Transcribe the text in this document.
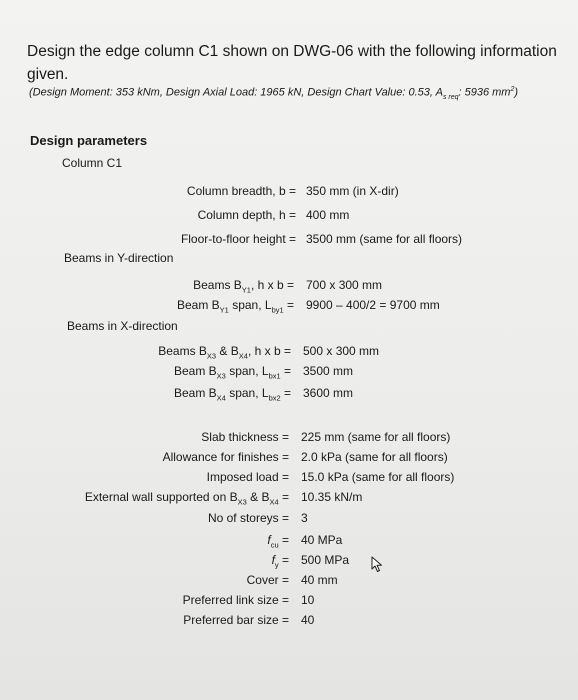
Design the edge column C1 shown on DWG-06 with the following information given.
(Design Moment: 353 kNm, Design Axial Load: 1965 kN, Design Chart Value: 0.53, $A_{s req}$: 5936 $mm^2$)
Design parameters
Column C1
Column breadth, b = 350 mm (in X-dir)
Column depth, h = 400 mm
Floor-to-floor height = 3500 mm (same for all floors)
Beams in Y-direction
Beams $B_{Y1}$, h x b = 700 x 300 mm
Beam $B_{Y1}$ span, $L_{by1} = 9900 - 400/2 = 9700$ mm
Beams in X-direction
Beams $B_{X3}$ & $B_{X4}$, h x b = 500 x 300 mm
Beam $B_{X3}$ span, $L_{bx1} = 3500$ mm
Beam $B_{X4}$ span, $L_{bx2} = 3600$ mm
Slab thickness = 225 mm (same for all floors)
Allowance for finishes = 2.0 kPa (same for all floors)
Imposed load = 15.0 kPa (same for all floors)
External wall supported on $B_{X3}$ & $B_{X4} = 10.35$ kN/m
No of storeys = 3
$f_{cu} = 40$ MPa
$f_y = 500$ MPa
Cover = 40 mm
Preferred link size = 10
Preferred bar size = 40
